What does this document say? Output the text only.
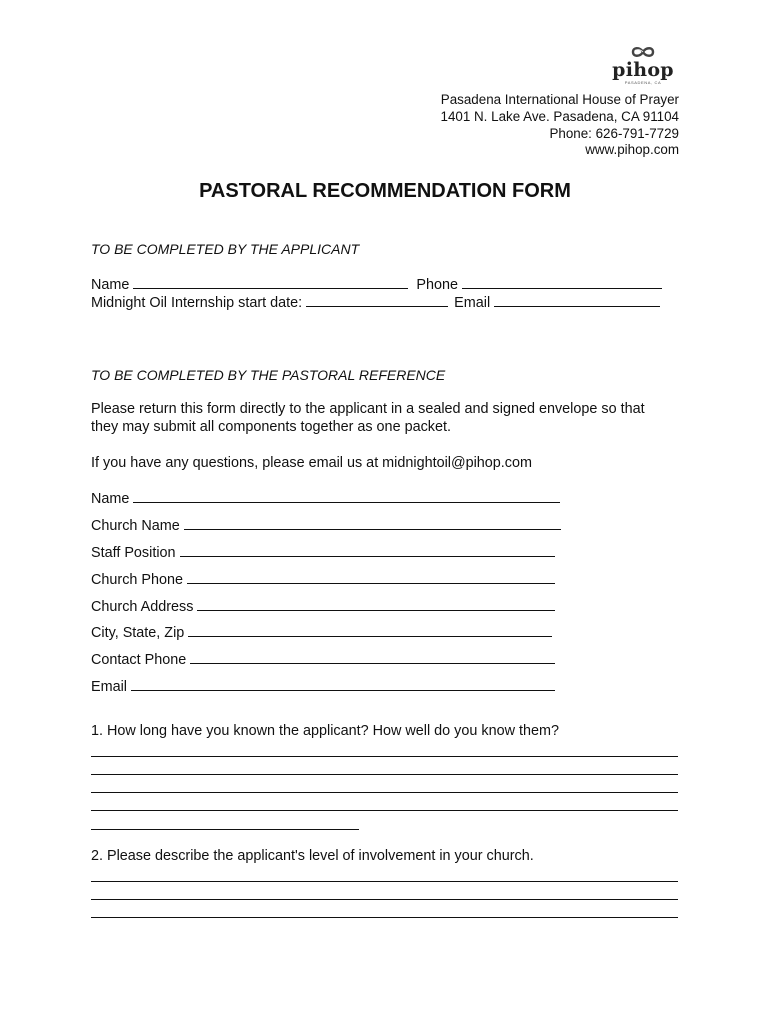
pihop
PASADENA, CA
Pasadena International House of Prayer
1401 N. Lake Ave. Pasadena, CA 91104
Phone: 626-791-7729
www.pihop.com
PASTORAL RECOMMENDATION FORM
TO BE COMPLETED BY THE APPLICANT
Name	Phone
Midnight Oil Internship start date:	Email
TO BE COMPLETED BY THE PASTORAL REFERENCE
Please return this form directly to the applicant in a sealed and signed envelope so that
they may submit all components together as one packet.
If you have any questions, please email us at midnightoil@pihop.com
Name
Church Name
Staff Position
Church Phone
Church Address
City, State, Zip
Contact Phone
Email
1. How long have you known the applicant? How well do you know them?
2. Please describe the applicant's level of involvement in your church.
